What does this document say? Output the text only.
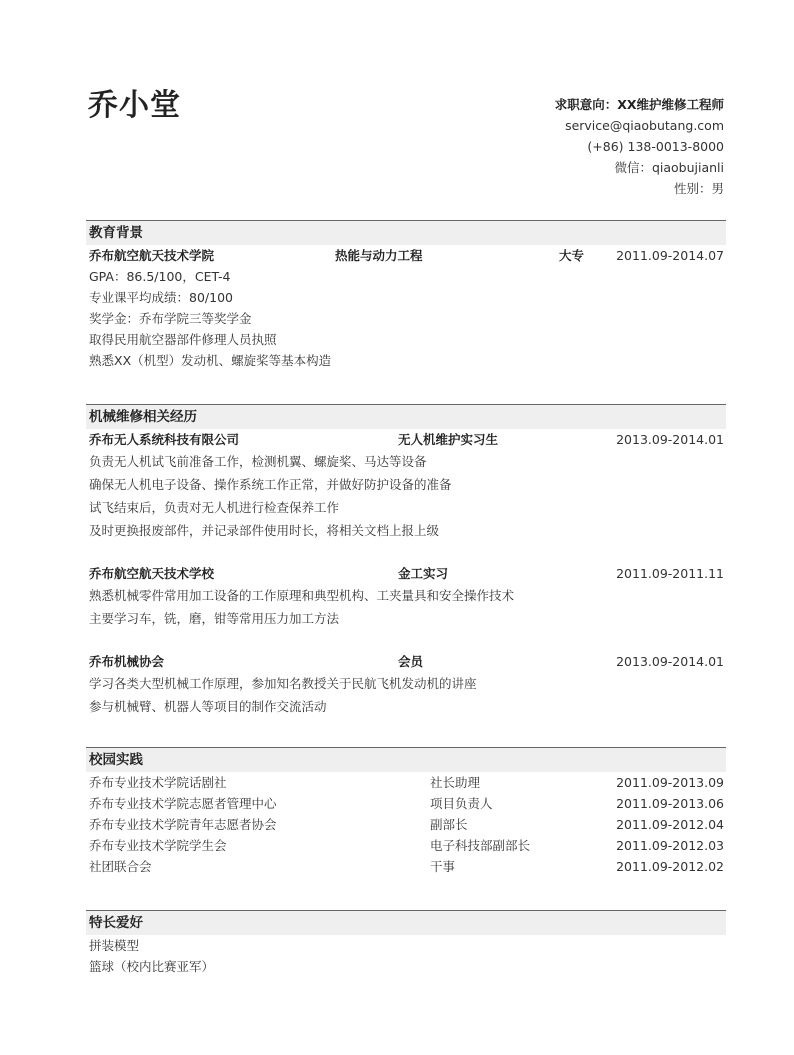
乔小堂	求职意向：XX维护维修工程师
service@qiaobutang.com
(+86) 138-0013-8000
微信：qiaobujianli
性别：男
教育背景
乔布航空航天技术学院	热能与动力工程	大专	2011.09-2014.07
GPA：86.5/100，CET-4
专业课平均成绩：80/100
奖学金：乔布学院三等奖学金
取得民用航空器部件修理人员执照
熟悉XX（机型）发动机、螺旋桨等基本构造
机械维修相关经历
乔布无人系统科技有限公司	无人机维护实习生	2013.09-2014.01
负责无人机试飞前准备工作，检测机翼、螺旋桨、马达等设备
确保无人机电子设备、操作系统工作正常，并做好防护设备的准备
试飞结束后，负责对无人机进行检查保养工作
及时更换报废部件，并记录部件使用时长，将相关文档上报上级
乔布航空航天技术学校	金工实习	2011.09-2011.11
熟悉机械零件常用加工设备的工作原理和典型机构、工夹量具和安全操作技术
主要学习车，铣，磨，钳等常用压力加工方法
乔布机械协会	会员	2013.09-2014.01
学习各类大型机械工作原理，参加知名教授关于民航飞机发动机的讲座
参与机械臂、机器人等项目的制作交流活动
校园实践
乔布专业技术学院话剧社	社长助理	2011.09-2013.09
乔布专业技术学院志愿者管理中心	项目负责人	2011.09-2013.06
乔布专业技术学院青年志愿者协会	副部长	2011.09-2012.04
乔布专业技术学院学生会	电子科技部副部长	2011.09-2012.03
社团联合会	干事	2011.09-2012.02
特长爱好
拼装模型
篮球（校内比赛亚军）
